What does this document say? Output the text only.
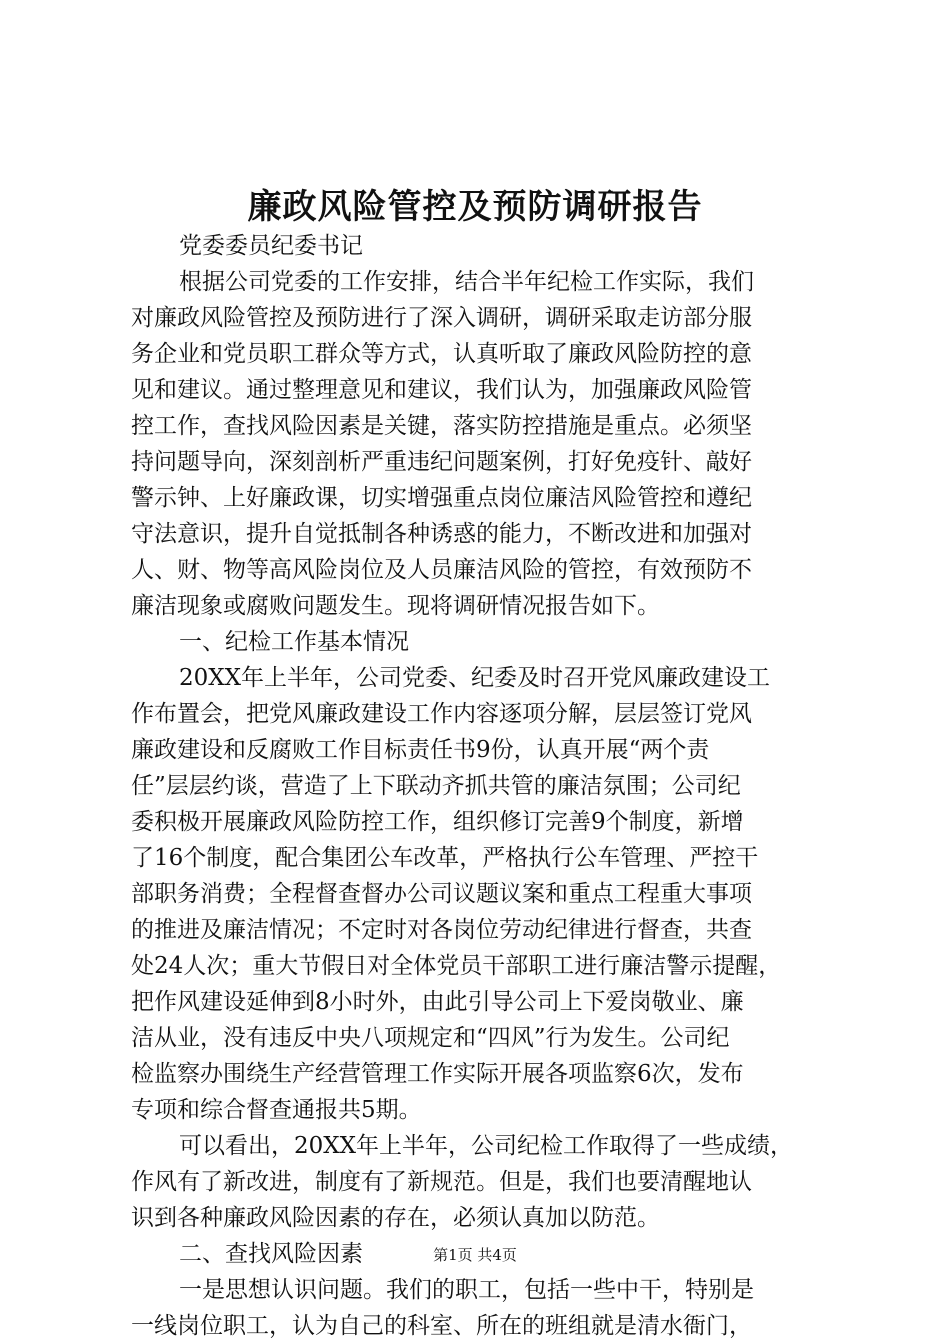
廉政风险管控及预防调研报告
党委委员纪委书记
根据公司党委的工作安排，结合半年纪检工作实际，我们
对廉政风险管控及预防进行了深入调研，调研采取走访部分服
务企业和党员职工群众等方式，认真听取了廉政风险防控的意
见和建议。通过整理意见和建议，我们认为，加强廉政风险管
控工作，查找风险因素是关键，落实防控措施是重点。必须坚
持问题导向，深刻剖析严重违纪问题案例，打好免疫针、敲好
警示钟、上好廉政课，切实增强重点岗位廉洁风险管控和遵纪
守法意识，提升自觉抵制各种诱惑的能力，不断改进和加强对
人、财、物等高风险岗位及人员廉洁风险的管控，有效预防不
廉洁现象或腐败问题发生。现将调研情况报告如下。
一、纪检工作基本情况
20XX年上半年，公司党委、纪委及时召开党风廉政建设工
作布置会，把党风廉政建设工作内容逐项分解，层层签订党风
廉政建设和反腐败工作目标责任书9份，认真开展“两个责
任”层层约谈，营造了上下联动齐抓共管的廉洁氛围；公司纪
委积极开展廉政风险防控工作，组织修订完善9个制度，新增
了16个制度，配合集团公车改革，严格执行公车管理、严控干
部职务消费；全程督查督办公司议题议案和重点工程重大事项
的推进及廉洁情况；不定时对各岗位劳动纪律进行督查，共查
处24人次；重大节假日对全体党员干部职工进行廉洁警示提醒，
把作风建设延伸到8小时外，由此引导公司上下爱岗敬业、廉
洁从业，没有违反中央八项规定和“四风”行为发生。公司纪
检监察办围绕生产经营管理工作实际开展各项监察6次，发布
专项和综合督查通报共5期。
可以看出，20XX年上半年，公司纪检工作取得了一些成绩，
作风有了新改进，制度有了新规范。但是，我们也要清醒地认
识到各种廉政风险因素的存在，必须认真加以防范。
二、查找风险因素
一是思想认识问题。我们的职工，包括一些中干，特别是
一线岗位职工，认为自己的科室、所在的班组就是清水衙门，
第1页 共4页
